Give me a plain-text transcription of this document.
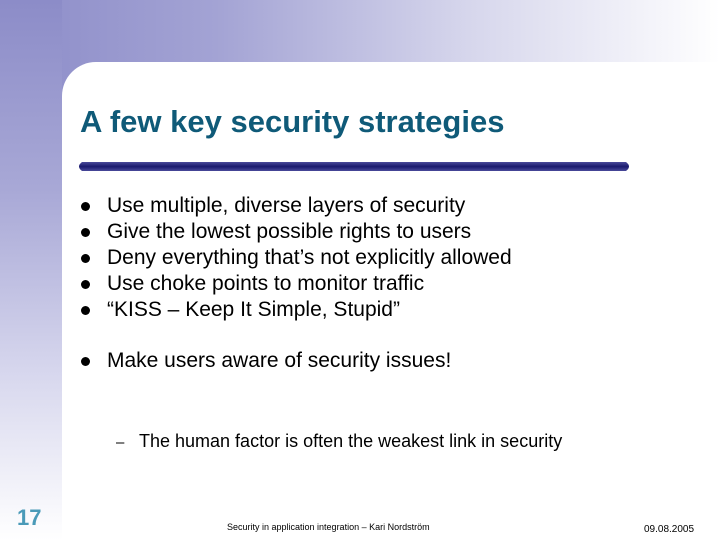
A few key security strategies
Use multiple, diverse layers of security
Give the lowest possible rights to users
Deny everything that’s not explicitly allowed
Use choke points to monitor traffic
“KISS – Keep It Simple, Stupid”
Make users aware of security issues!
– The human factor is often the weakest link in security
17	Security in application integration – Kari Nordström	09.08.2005
